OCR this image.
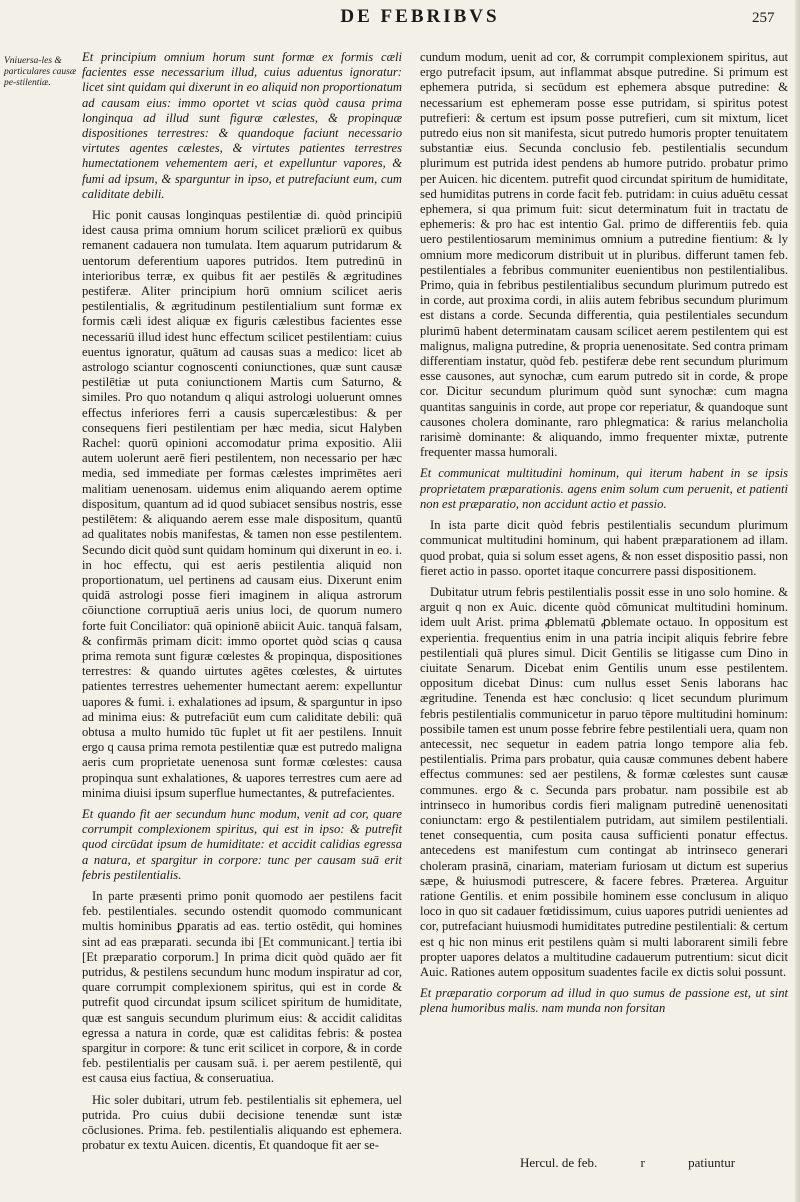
DE FEBRIBVS	257
Vniuersa-les & particulares causæ pe-stilentiæ.

Et principium omnium horum sunt formæ ex formis cæli facientes esse necessarium illud, cuius aduentus ignoratur: licet sint quidam qui dixerunt in eo aliquid non proportionatum ad causam eius: immo oportet vt scias quòd causa prima longinqua ad illud sunt figuræ cælestes, & propinquæ dispositiones terrestres: & quandoque faciunt necessario virtutes agentes cælestes, & virtutes patientes terrestres humectationem vehementem aeri, et expelluntur vapores, & fumi ad ipsum, & sparguntur in ipso, et putrefaciunt eum, cum caliditate debili.

Hic ponit causas longinquas pestilentiæ di. quòd principiū idest causa prima omnium horum scilicet præliorū ex quibus remanent cadauera non tumulata. Item aquarum putridarum & uentorum deferentium uapores putridos. Item putredinū in interioribus terræ, ex quibus fit aer pestilēs & ægritudines pestiferæ. Aliter principium horū omnium scilicet aeris pestilentialis, & ægritudinum pestilentialium sunt formæ ex formis cæli idest aliquæ ex figuris cælestibus facientes esse necessariū illud idest hunc effectum scilicet pestilentiam: cuius euentus ignoratur, quātum ad causas suas a medico: licet ab astrologo sciantur cognoscenti coniunctiones, quæ sunt causæ pestilētiæ ut puta coniunctionem Martis cum Saturno, & similes. Pro quo notandum q aliqui astrologi uoluerunt omnes effectus inferiores ferri a causis supercælestibus: & per consequens fieri pestilentiam per hæc media, sicut Halyben Rachel: quorū opinioni accomodatur prima expositio. Alii autem uolerunt aerē fieri pestilentem, non necessario per hæc media, sed immediate per formas cælestes imprimētes aeri malitiam uenenosam. uidemus enim aliquando aerem optime dispositum, quantum ad id quod subiacet sensibus nostris, esse pestilētem: & aliquando aerem esse male dispositum, quantū ad qualitates nobis manifestas, & tamen non esse pestilentem. Secundo dicit quòd sunt quidam hominum qui dixerunt in eo. i. in hoc effectu, qui est aeris pestilentia aliquid non proportionatum, uel pertinens ad causam eius. Dixerunt enim quidā astrologi posse fieri imaginem in aliqua astrorum cōiunctione corruptiuā aeris unius loci, de quorum numero forte fuit Conciliator: quā opinionē abiicit Auic. tanquā falsam, & confirmās primam dicit: immo oportet quòd scias q causa prima remota sunt figuræ cœlestes & propinqua, dispositiones terrestres: & quando uirtutes agētes cœlestes, & uirtutes patientes terrestres uehementer humectant aerem: expelluntur uapores & fumi. i. exhalationes ad ipsum, & sparguntur in ipso ad minima eius: & putrefaciūt eum cum caliditate debili: quā obtusa a multo humido tūc fuplet ut fit aer pestilens. Innuit ergo q causa prima remota pestilentiæ quæ est putredo maligna aeris cum proprietate uenenosa sunt formæ cœlestes: causa propinqua sunt exhalationes, & uapores terrestres cum aere ad minima diuisi ipsum superflue humectantes, & putrefacientes.

Et quando fit aer secundum hunc modum, venit ad cor, quare corrumpit complexionem spiritus, qui est in ipso: & putrefit quod circūdat ipsum de humiditate: et accidit calidias egressa a natura, et spargitur in corpore: tunc per causam suā erit febris pestilentialis.

In parte præsenti primo ponit quomodo aer pestilens facit feb. pestilentiales. secundo ostendit quomodo communicant multis hominibus ꝑparatis ad eas. tertio ostēdit, qui homines sint ad eas præparati. secunda ibi [Et communicant.] tertia ibi [Et præparatio corporum.] In prima dicit quòd quādo aer fit putridus, & pestilens secundum hunc modum inspiratur ad cor, quare corrumpit complexionem spiritus, qui est in corde & putrefit quod circundat ipsum scilicet spiritum de humiditate, quæ est sanguis secundum plurimum eius: & accidit caliditas egressa a natura in corde, quæ est caliditas febris: & postea spargitur in corpore: & tunc erit scilicet in corpore, & in corde feb. pestilentialis per causam suā. i. per aerem pestilentē, qui est causa eius factiua, & conseruatiua.

Hic soler dubitari, utrum feb. pestilentialis sit ephemera, uel putrida. Pro cuius dubii decisione tenendæ sunt istæ cōclusiones. Prima. feb. pestilentialis aliquando est ephemera. probatur ex textu Auicen. dicentis, Et quandoque fit aer se-

cundum modum, uenit ad cor, & corrumpit complexionem spiritus, aut ergo putrefacit ipsum, aut inflammat absque putredine. Si primum est ephemera putrida, si secūdum est ephemera absque putredine: & necessarium est ephemeram posse esse putridam, si spiritus potest putrefieri: & certum est ipsum posse putrefieri, cum sit mixtum, licet putredo eius non sit manifesta, sicut putredo humoris propter tenuitatem substantiæ eius. Secunda conclusio feb. pestilentialis secundum plurimum est putrida idest pendens ab humore putrido. probatur primo per Auicen. hic dicentem. putrefit quod circundat spiritum de humiditate, sed humiditas putrens in corde facit feb. putridam: in cuius aduētu cessat ephemera, si qua primum fuit: sicut determinatum fuit in tractatu de ephemeris: & pro hac est intentio Gal. primo de differentiis feb. quia uero pestilentiosarum meminimus omnium a putredine fientium: & ly omnium more medicorum distribuit ut in pluribus. differunt tamen feb. pestilentiales a febribus communiter euenientibus non pestilentialibus. Primo, quia in febribus pestilentialibus secundum plurimum putredo est in corde, aut proxima cordi, in aliis autem febribus secundum plurimum est distans a corde. Secunda differentia, quia pestilentiales secundum plurimū habent determinatam causam scilicet aerem pestilentem qui est malignus, maligna putredine, & propria uenenositate. Sed contra primam differentiam instatur, quòd feb. pestiferæ debe rent secundum plurimum esse causones, aut synochæ, cum earum putredo sit in corde, & prope cor. Dicitur secundum plurimum quòd sunt synochæ: cum magna quantitas sanguinis in corde, aut prope cor reperiatur, & quandoque sunt causones cholera dominante, raro phlegmatica: & rarius melancholia rarisimè dominante: & aliquando, immo frequenter mixtæ, putrente frequenter massa humorali.

Et communicat multitudini hominum, qui iterum habent in se ipsis proprietatem præparationis. agens enim solum cum peruenit, et patienti non est præparatio, non accidunt actio et passio.

In ista parte dicit quòd febris pestilentialis secundum plurimum communicat multitudini hominum, qui habent præparationem ad illam. quod probat, quia si solum esset agens, & non esset dispositio passi, non fieret actio in passo. oportet itaque concurrere passi dispositionem.

Dubitatur utrum febris pestilentialis possit esse in uno solo homine. & arguit q non ex Auic. dicente quòd cōmunicat multitudini hominum. idem uult Arist. prima ꝓblematū ꝓblemate octauo. In oppositum est experientia. frequentius enim in una patria incipit aliquis febrire febre pestilentiali quā plures simul. Dicit Gentilis se litigasse cum Dino in ciuitate Senarum. Dicebat enim Gentilis unum esse pestilentem. oppositum dicebat Dinus: cum nullus esset Senis laborans hac ægritudine. Tenenda est hæc conclusio: q licet secundum plurimum febris pestilentialis communicetur in paruo tēpore multitudini hominum: possibile tamen est unum posse febrire febre pestilentiali uera, quam non antecessit, nec sequetur in eadem patria longo tempore alia feb. pestilentialis. Prima pars probatur, quia causæ communes debent habere effectus communes: sed aer pestilens, & formæ cœlestes sunt causæ communes. ergo & c. Secunda pars probatur. nam possibile est ab intrinseco in humoribus cordis fieri malignam putredinē uenenositati coniunctam: ergo & pestilentialem putridam, aut similem pestilentiali. tenet consequentia, cum posita causa sufficienti ponatur effectus. antecedens est manifestum cum contingat ab intrinseco generari choleram prasinā, cinariam, materiam furiosam ut dictum est superius sæpe, & huiusmodi putrescere, & facere febres. Præterea. Arguitur ratione Gentilis. et enim possibile hominem esse conclusum in aliquo loco in quo sit cadauer fœtidissimum, cuius uapores putridi uenientes ad cor, putrefaciant huiusmodi humiditates putredine pestilentiali: & certum est q hic non minus erit pestilens quàm si multi laborarent simili febre propter uapores delatos a multitudine cadauerum putrentium: sicut dicit Auic. Rationes autem oppositum suadentes facile ex dictis solui possunt.

Et præparatio corporum ad illud in quo sumus de passione est, ut sint plena humoribus malis. nam munda non forsitan

Hercul. de feb.	r	patiuntur
